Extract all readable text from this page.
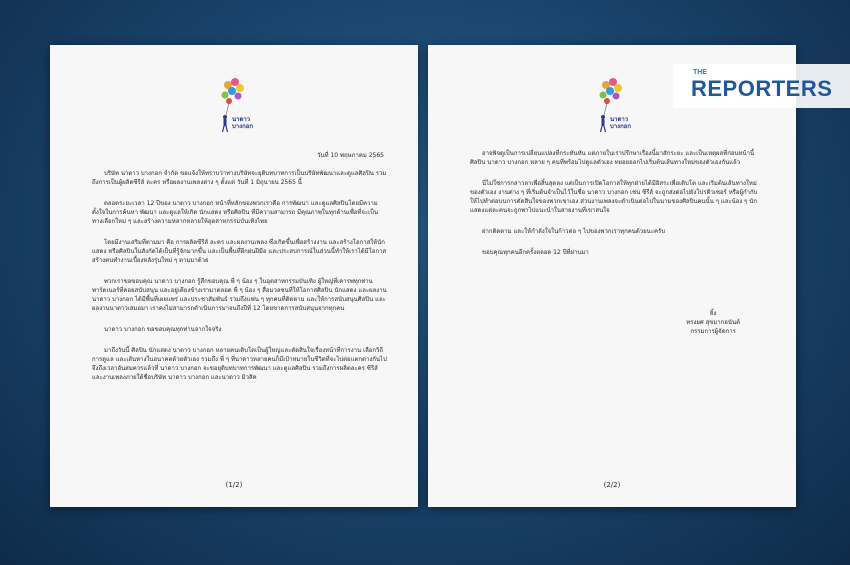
นาดาว
บางกอก
วันที่ 10 พฤษภาคม 2565

บริษัท นาดาว บางกอก จำกัด ขอแจ้งให้ทราบว่าทางบริษัทจะยุติบทบาทการเป็นบริษัทพัฒนาและดูแลศิลปิน รวมถึงการเป็นผู้ผลิตซีรีส์ ละคร หรือผลงานเพลงต่าง ๆ ตั้งแต่ วันที่ 1 มิถุนายน 2565 นี้

ตลอดระยะเวลา 12 ปีของ นาดาว บางกอก หน้าที่หลักของพวกเราคือ การพัฒนา และดูแลศิลปินโดยมีความตั้งใจในการค้นหา พัฒนา และดูแลให้เกิด นักแสดง หรือศิลปิน ที่มีความสามารถ มีคุณภาพในทุกด้านเพื่อที่จะเป็นทางเลือกใหม่ ๆ และสร้างความหลากหลายให้อุตสาหกรรมบันเทิงไทย

โดยมีงานเสริมที่ตามมา คือ การผลิตซีรีส์ ละคร และผลงานเพลง ซึ่งเกิดขึ้นเพื่อสร้างงาน และสร้างโอกาสให้นักแสดง หรือศิลปินในสังกัดได้เป็นที่รู้จักมากขึ้น และเป็นพื้นที่ฝึกฝนฝีมือ และประสบการณ์ในส่วนนี้ทำให้เราได้มีโอกาสสร้างคนทำงานเบื้องหลังรุ่นใหม่ ๆ ตามมาด้วย

พวกเราขอขอบคุณ นาดาว บางกอก รู้สึกขอบคุณ พี่ ๆ น้อง ๆ ในอุตสาหกรรมบันเทิง ผู้ใหญ่ที่เคารพทุกท่าน พาร์ตเนอร์ที่คอยสนับสนุน และอยู่เคียงข้างเรามาตลอด พี่ ๆ น้อง ๆ สื่อมวลชนที่ให้โอกาสศิลปิน นักแสดง และผลงาน นาดาว บางกอก ได้มีพื้นที่เผยแพร่ และประชาสัมพันธ์ รวมถึงแฟน ๆ ทุกคนที่ติดตาม และให้การสนับสนุนศิลปิน และผลงานนาดาวเสมอมา เราคงไม่สามารถดำเนินการมาจนถึงปีที่ 12 โดยขาดการสนับสนุนจากทุกคน

นาดาว บางกอก ขอขอบคุณทุกท่านจากใจจริง

มาถึงวันนี้ ศิลปิน นักแสดง นาดาว บางกอก หลายคนเติบโตเป็นผู้ใหญ่และตัดสินใจเรื่องหน้าที่การงาน เลือกวิถีการดูแล และเส้นทางในอนาคตด้วยตัวเอง รวมถึง พี่ ๆ ที่นาดาวหลายคนก็มีเป้าหมายในชีวิตที่จะไปต่อแตกต่างกันไป จึงถึงเวลาอันสมควรแล้วที่ นาดาว บางกอก จะขอยุติบทบาทการพัฒนา และดูแลศิลปิน รวมถึงการผลิตละคร ซีรีส์ และงานเพลงภายใต้ชื่อบริษัท นาดาว บางกอก และนาดาว มิวสิค

(1/2)
นาดาว
บางกอก

อาจพิจดูเป็นการเปลี่ยนแปลงที่กระทันหัน แต่ภายในเราปรึกษาเรื่องนี้มาสักระยะ และเป็นเหตุผลที่ก่อนหน้านี้ ศิลปิน นาดาว บางกอก หลาย ๆ คนที่พร้อมไปดูแลตัวเอง ทยอยออกไปเริ่มต้นเส้นทางใหม่ของตัวเองกันแล้ว

นี่ไม่ใช่การกล่าวลาเพื่อสิ้นสุดลง แต่เป็นการเปิดโอกาสให้ทุกฝ่ายได้มีอิสระเพื่อเติบโต และเริ่มต้นเส้นทางใหม่ของตัวเอง งานต่าง ๆ ที่เริ่มต้นจำเป็นไว้ในชื่อ นาดาว บางกอก เช่น ซีรีส์ จะถูกส่งต่อไปยังโปรดิวเซอร์ หรือผู้กำกับ ให้ไปทำต่อบนการตัดสินใจของพวกเขาเอง ส่วนงานเพลงจะดำเนินต่อไปในนามของศิลปินคนนั้น ๆ และน้อง ๆ นักแสดงแต่ละคนจะถูกพาไปแนะนำในสายงานที่เขาสนใจ

ฝากติดตาม และให้กำลังใจในก้าวต่อ ๆ ไปของพวกเราทุกคนด้วยนะครับ

ขอบคุณทุกคนอีกครั้งตลอด 12 ปีที่ผ่านมา

ยิ้ง
ทรงยศ สุขมากอนันต์
กรรมการผู้จัดการ
(2/2)
THE
REPORTERS
